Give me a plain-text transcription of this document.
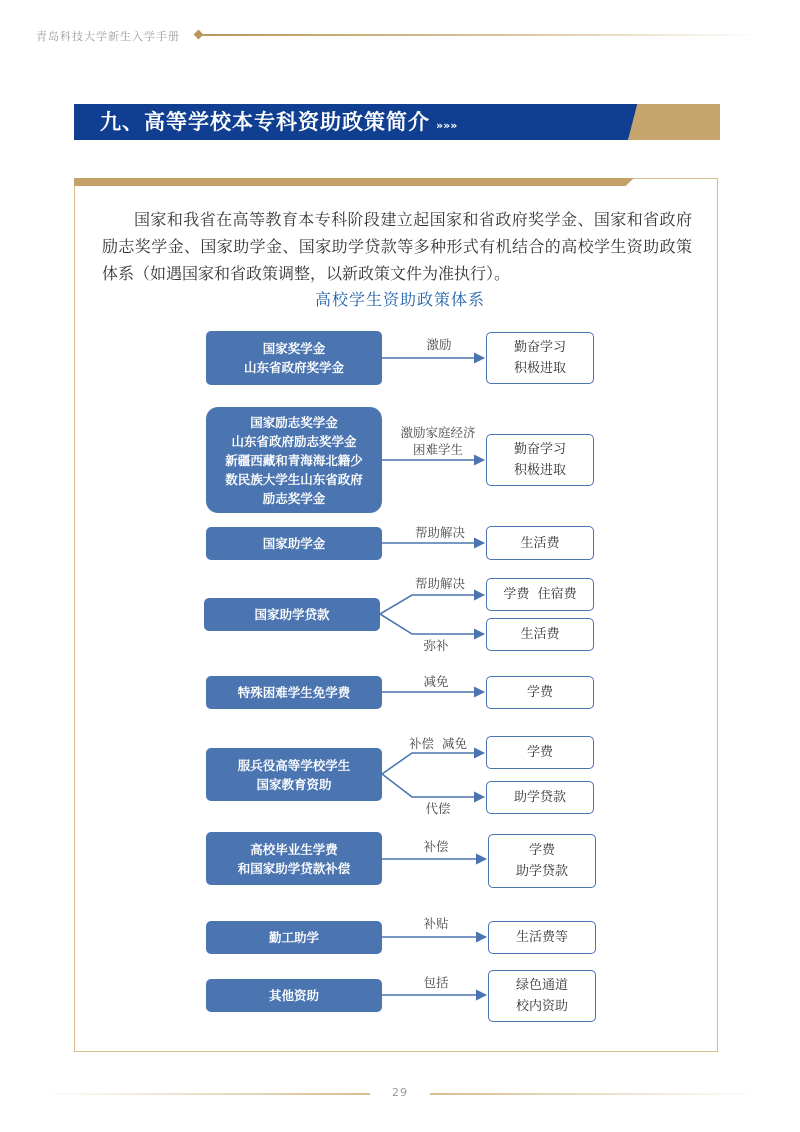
青岛科技大学新生入学手册
九、高等学校本专科资助政策简介 »»»

国家和我省在高等教育本专科阶段建立起国家和省政府奖学金、国家和省政府励志奖学金、国家助学金、国家助学贷款等多种形式有机结合的高校学生资助政策体系（如遇国家和省政策调整，以新政策文件为准执行）。

高校学生资助政策体系
国家奖学金
山东省政府奖学金
激励	勤奋学习
积极进取
国家励志奖学金
山东省政府励志奖学金
新疆西藏和青海海北籍少
数民族大学生山东省政府
励志奖学金
激励家庭经济
困难学生	勤奋学习
积极进取
国家助学金
帮助解决
生活费
国家助学贷款
帮助解决
学费  住宿费
弥补
生活费
特殊困难学生免学费
减免
学费
服兵役高等学校学生
国家教育资助
补偿  减免
学费
代偿
助学贷款
高校毕业生学费
和国家助学贷款补偿
补偿	学费
助学贷款
勤工助学
补贴
生活费等
其他资助
包括	绿色通道
校内资助
29
